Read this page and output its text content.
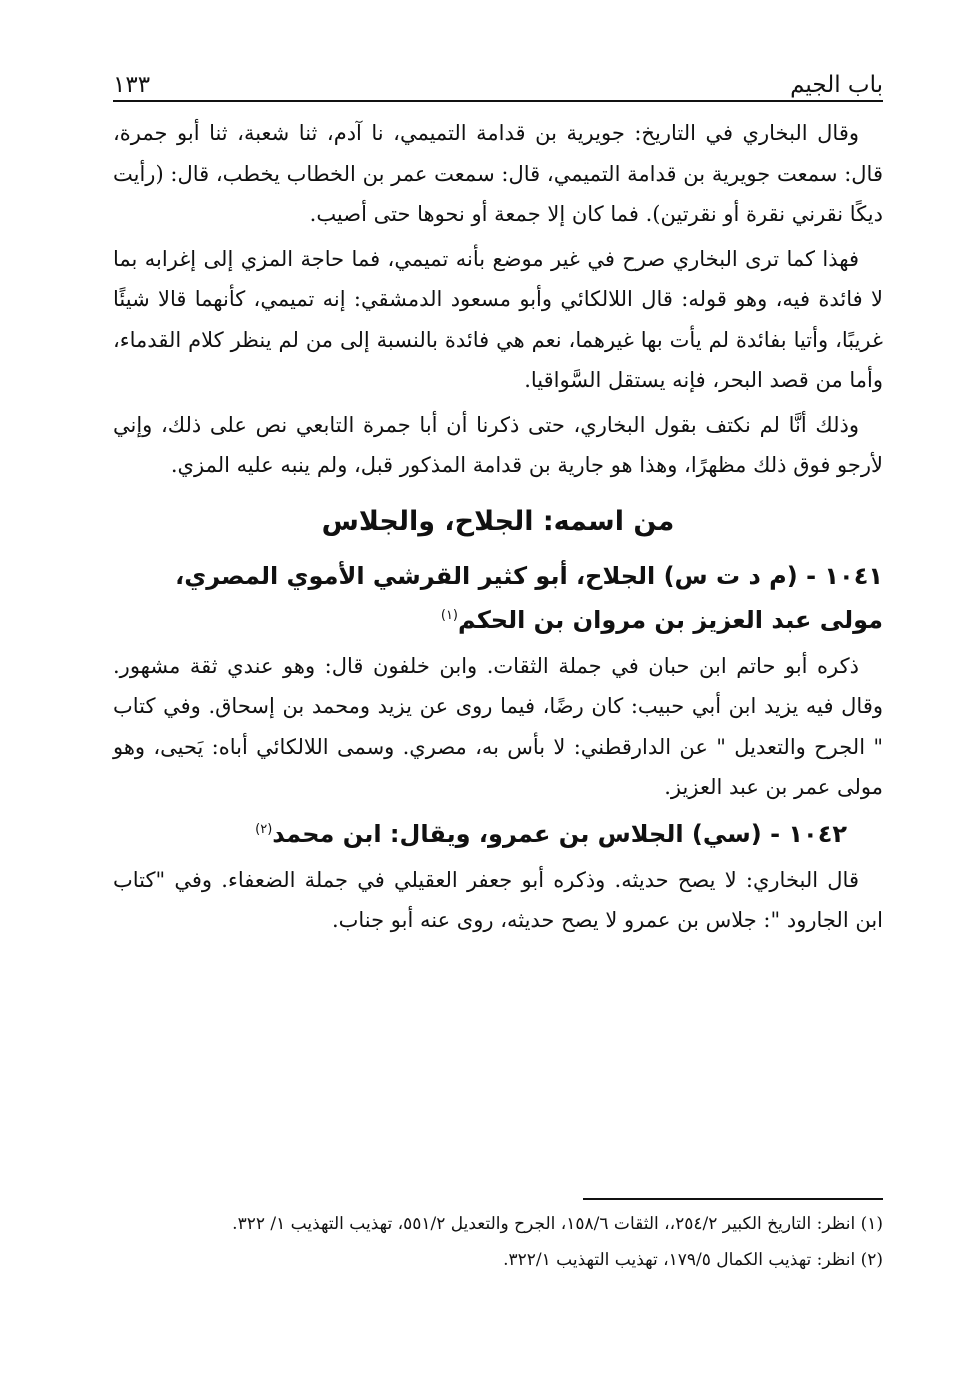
باب الجيم
١٣٣

وقال البخاري في التاريخ: جويرية بن قدامة التميمي، نا آدم، ثنا شعبة، ثنا أبو جمرة، قال: سمعت جويرية بن قدامة التميمي، قال: سمعت عمر بن الخطاب يخطب، قال: (رأيت ديكًا نقرني نقرة أو نقرتين). فما كان إلا جمعة أو نحوها حتى أصيب.

فهذا كما ترى البخاري صرح في غير موضع بأنه تميمي، فما حاجة المزي إلى إغرابه بما لا فائدة فيه، وهو قوله: قال اللالكائي وأبو مسعود الدمشقي: إنه تميمي، كأنهما قالا شيئًا غريبًا، وأتيا بفائدة لم يأت بها غيرهما، نعم هي فائدة بالنسبة إلى من لم ينظر كلام القدماء، وأما من قصد البحر، فإنه يستقل السَّواقيا.

وذلك أنَّا لم نكتف بقول البخاري، حتى ذكرنا أن أبا جمرة التابعي نص على ذلك، وإني لأرجو فوق ذلك مظهرًا، وهذا هو جارية بن قدامة المذكور قبل، ولم ينبه عليه المزي.

من اسمه: الجلاح، والجلاس
١٠٤١ - (م د ت س) الجلاح، أبو كثير القرشي الأموي المصري، مولى عبد العزيز بن مروان بن الحكم$^{(١)}$

ذكره أبو حاتم ابن حبان في جملة الثقات. وابن خلفون قال: وهو عندي ثقة مشهور. وقال فيه يزيد ابن أبي حبيب: كان رضًا، فيما روى عن يزيد ومحمد بن إسحاق. وفي كتاب " الجرح والتعديل " عن الدارقطني: لا بأس به، مصري. وسمى اللالكائي أباه: يَحيى، وهو مولى عمر بن عبد العزيز.

١٠٤٢ - (سي) الجلاس بن عمرو، ويقال: ابن محمد$^{(٢)}$

قال البخاري: لا يصح حديثه. وذكره أبو جعفر العقيلي في جملة الضعفاء. وفي "كتاب ابن الجارود ": جلاس بن عمرو لا يصح حديثه، روى عنه أبو جناب.

(١) انظر: التاريخ الكبير ٢٥٤/٢،، الثقات ١٥٨/٦، الجرح والتعديل ٥٥١/٢، تهذيب التهذيب ١/ ٣٢٢.

(٢) انظر: تهذيب الكمال ١٧٩/٥، تهذيب التهذيب ٣٢٢/١.
